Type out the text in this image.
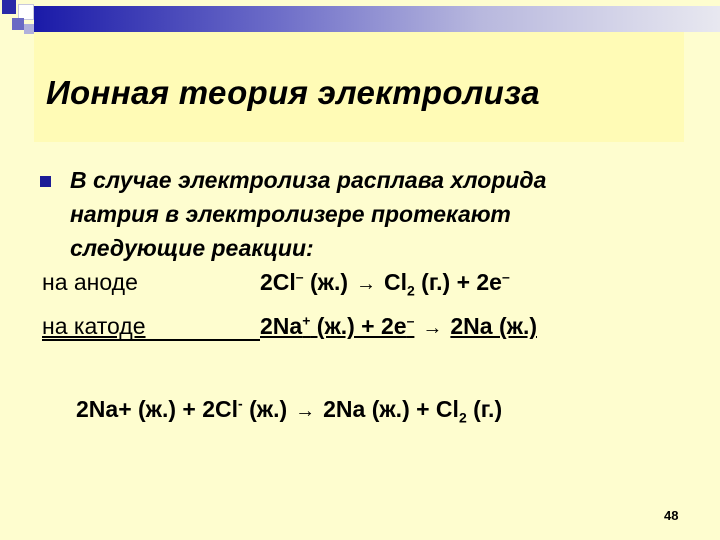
Ионная теория электролиза
В случае электролиза расплава хлорида
натрия в электролизере протекают
следующие реакции:
на аноде	2Cl– $(ж.) \to Cl_2$ (г.) + 2e–
на катоде	2Na+ (ж.) + 2e– → 2Na (ж.)
2Na+ (ж.) + 2Cl- (ж.) → 2Na $(ж.) + Cl_2$ (г.)
48
